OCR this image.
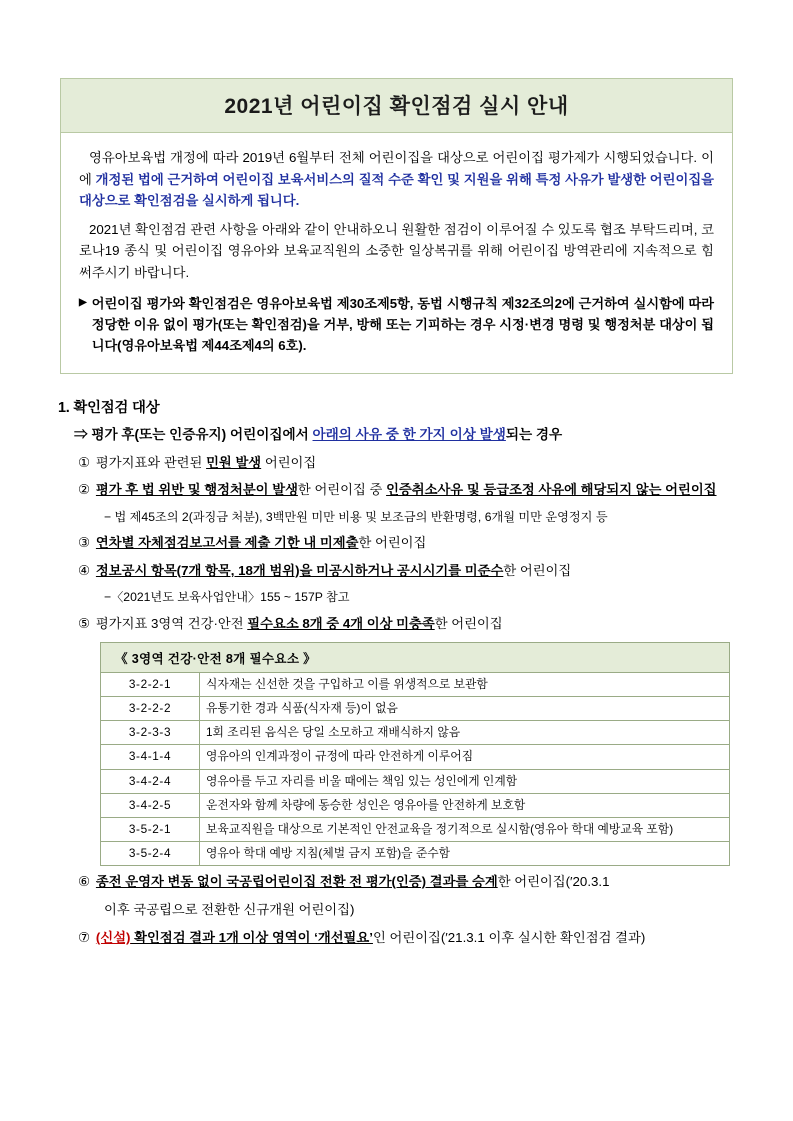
2021년 어린이집 확인점검 실시 안내

영유아보육법 개정에 따라 2019년 6월부터 전체 어린이집을 대상으로 어린이집 평가제가 시행되었습니다. 이에 개정된 법에 근거하여 어린이집 보육서비스의 질적 수준 확인 및 지원을 위해 특정 사유가 발생한 어린이집을 대상으로 확인점검을 실시하게 됩니다.

2021년 확인점검 관련 사항을 아래와 같이 안내하오니 원활한 점검이 이루어질 수 있도록 협조 부탁드리며, 코로나19 종식 및 어린이집 영유아와 보육교직원의 소중한 일상복귀를 위해 어린이집 방역관리에 지속적으로 힘써주시기 바랍니다.

▶ 어린이집 평가와 확인점검은 영유아보육법 제30조제5항, 동법 시행규칙 제32조의2에 근거하여 실시함에 따라 정당한 이유 없이 평가(또는 확인점검)을 거부, 방해 또는 기피하는 경우 시정·변경 명령 및 행정처분 대상이 됩니다(영유아보육법 제44조제4의 6호).
1. 확인점검 대상
⇒ 평가 후(또는 인증유지) 어린이집에서 아래의 사유 중 한 가지 이상 발생되는 경우
① 평가지표와 관련된 민원 발생 어린이집
② 평가 후 법 위반 및 행정처분이 발생한 어린이집 중 인증취소사유 및 등급조정 사유에 해당되지 않는 어린이집
− 법 제45조의 2(과징금 처분), 3백만원 미만 비용 및 보조금의 반환명령, 6개월 미만 운영정지 등
③ 연차별 자체점검보고서를 제출 기한 내 미제출한 어린이집
④ 정보공시 항목(7개 항목, 18개 범위)을 미공시하거나 공시시기를 미준수한 어린이집
−〈2021년도 보육사업안내〉155 ~ 157P 참고
⑤ 평가지표 3영역 건강·안전 필수요소 8개 중 4개 이상 미충족한 어린이집
《 3영역 건강·안전 8개 필수요소 》
3-2-2-1	식자재는 신선한 것을 구입하고 이를 위생적으로 보관함
3-2-2-2	유통기한 경과 식품(식자재 등)이 없음
3-2-3-3	1회 조리된 음식은 당일 소모하고 재배식하지 않음
3-4-1-4	영유아의 인계과정이 규정에 따라 안전하게 이루어짐
3-4-2-4	영유아를 두고 자리를 비울 때에는 책임 있는 성인에게 인계함
3-4-2-5	운전자와 함께 차량에 동승한 성인은 영유아를 안전하게 보호함
3-5-2-1	보육교직원을 대상으로 기본적인 안전교육을 정기적으로 실시함(영유아 학대 예방교육 포함)
3-5-2-4	영유아 학대 예방 지침(체벌 금지 포함)을 준수함
⑥ 종전 운영자 변동 없이 국공립어린이집 전환 전 평가(인증) 결과를 승계한 어린이집(′20.3.1
이후 국공립으로 전환한 신규개원 어린이집)
⑦ (신설) 확인점검 결과 1개 이상 영역이 ‘개선필요’인 어린이집(′21.3.1 이후 실시한 확인점검 결과)
